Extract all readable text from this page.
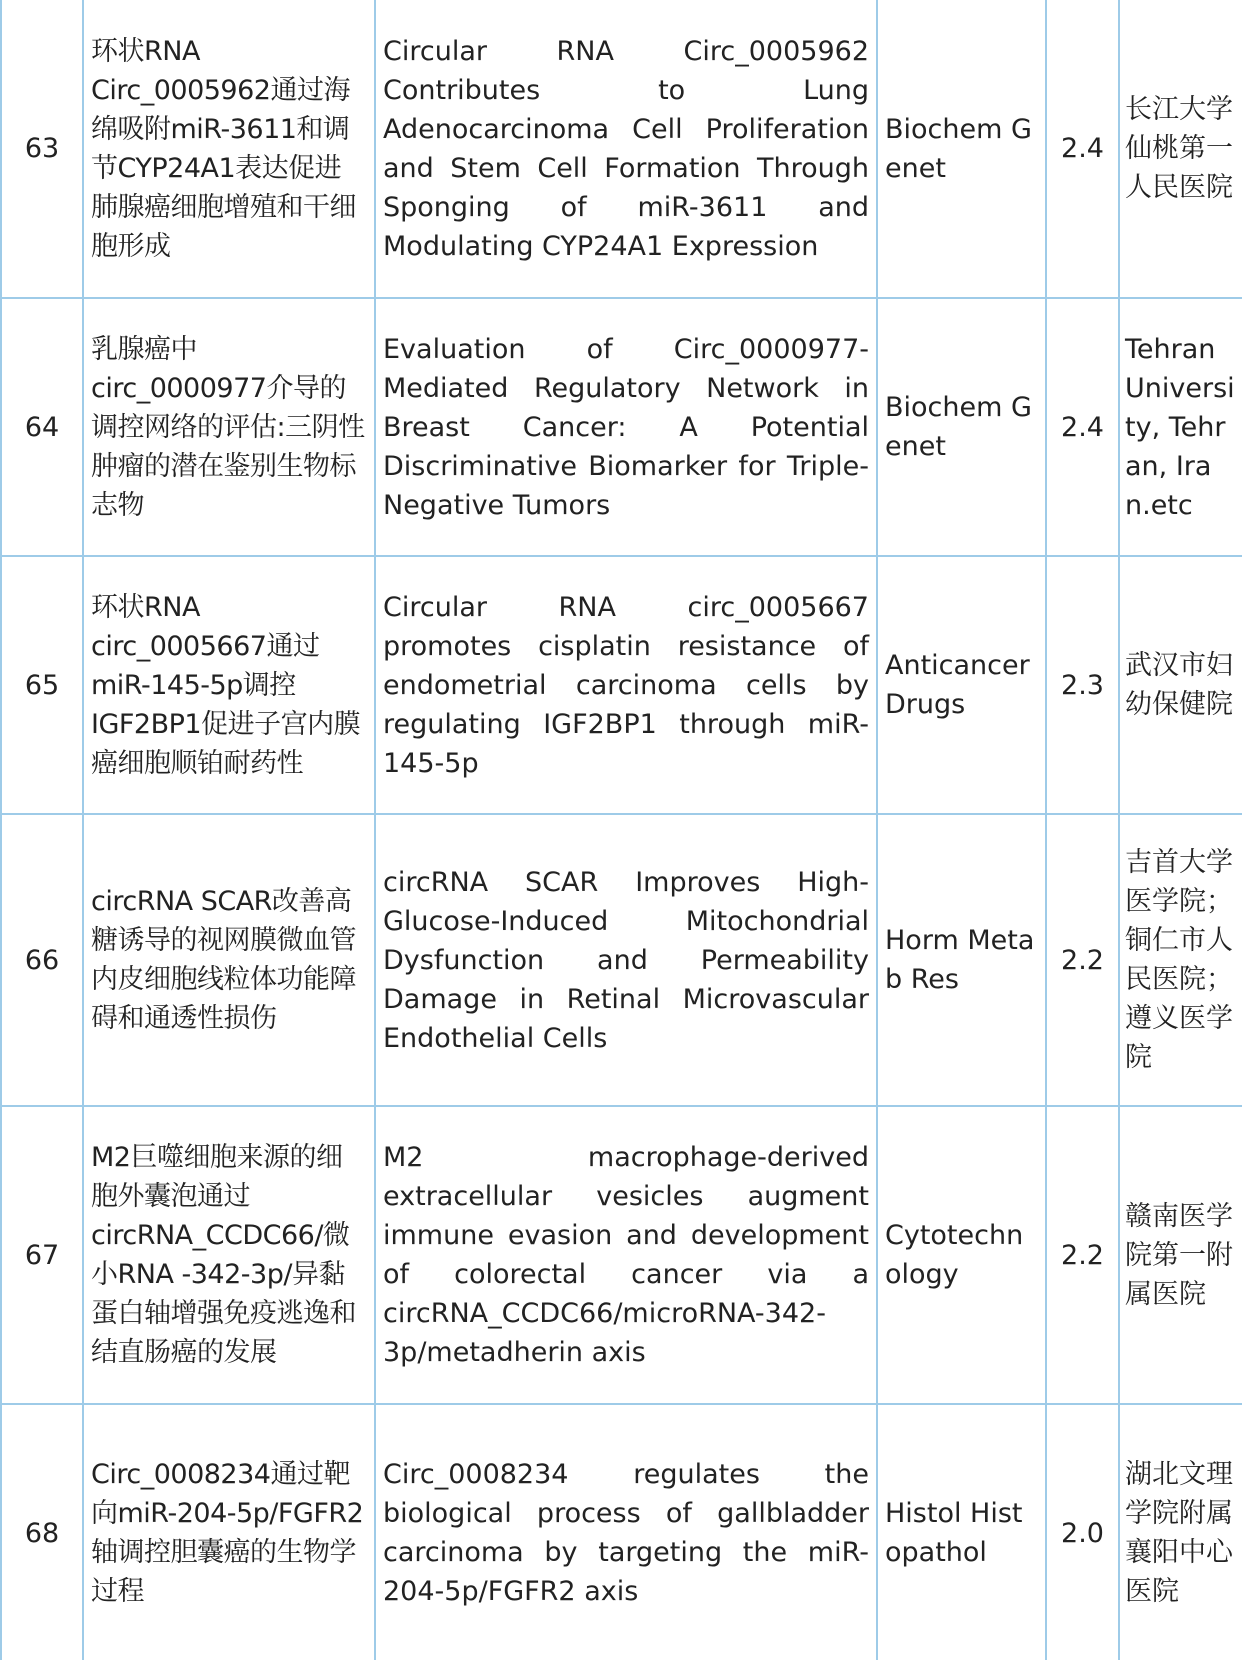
63	环状RNA Circ_0005962通过海绵吸附miR-3611和调节CYP24A1表达促进肺腺癌细胞增殖和干细胞形成	Circular RNA Circ_0005962 Contributes to Lung Adenocarcinoma Cell Proliferation and Stem Cell Formation Through Sponging of miR-3611 and Modulating CYP24A1 Expression	Biochem Genet	2.4	长江大学仙桃第一人民医院
64	乳腺癌中circ_0000977介导的调控网络的评估:三阴性肿瘤的潜在鉴别生物标志物	Evaluation of Circ_0000977-Mediated Regulatory Network in Breast Cancer: A Potential Discriminative Biomarker for Triple-Negative Tumors	Biochem Genet	2.4	Tehran University, Tehran, Iran.etc
65	环状RNA circ_0005667通过miR-145-5p调控IGF2BP1促进子宫内膜癌细胞顺铂耐药性	Circular RNA circ_0005667 promotes cisplatin resistance of endometrial carcinoma cells by regulating IGF2BP1 through miR-145-5p	Anticancer Drugs	2.3	武汉市妇幼保健院
66	circRNA SCAR改善高糖诱导的视网膜微血管内皮细胞线粒体功能障碍和通透性损伤	circRNA SCAR Improves High-Glucose-Induced Mitochondrial Dysfunction and Permeability Damage in Retinal Microvascular Endothelial Cells	Horm Metab Res	2.2	吉首大学医学院；铜仁市人民医院；遵义医学院
67	M2巨噬细胞来源的细胞外囊泡通过circRNA_CCDC66/微小RNA -342-3p/异黏蛋白轴增强免疫逃逸和结直肠癌的发展	M2 macrophage-derived extracellular vesicles augment immune evasion and development of colorectal cancer via a circRNA_CCDC66/microRNA-342-3p/metadherin axis	Cytotechnology	2.2	赣南医学院第一附属医院
68	Circ_0008234通过靶向miR-204-5p/FGFR2轴调控胆囊癌的生物学过程	Circ_0008234 regulates the biological process of gallbladder carcinoma by targeting the miR-204-5p/FGFR2 axis	Histol Histopathol	2.0	湖北文理学院附属襄阳中心医院
